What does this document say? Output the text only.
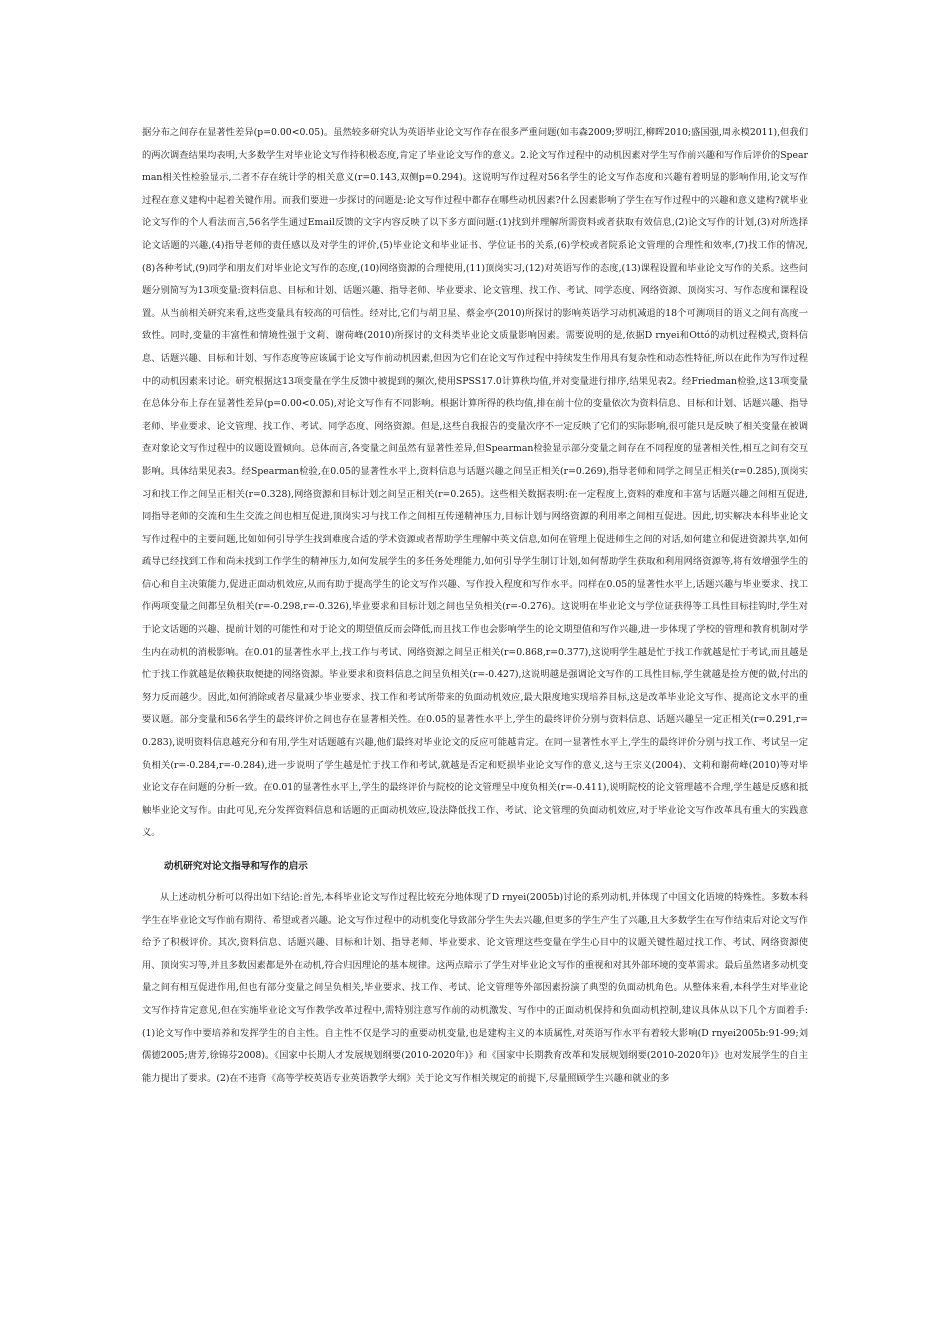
据分布之间存在显著性差异(p=0.00<0.05)。虽然较多研究认为英语毕业论文写作存在很多严重问题(如韦森2009;罗明江,柳晖2010;盛国强,周永模2011),但我们的两次调查结果均表明,大多数学生对毕业论文写作持积极态度,肯定了毕业论文写作的意义。2.论文写作过程中的动机因素对学生写作前兴趣和写作后评价的Spearman相关性检验显示,二者不存在统计学的相关意义(r=0.143,双侧p=0.294)。这说明写作过程对56名学生的论文写作态度和兴趣有着明显的影响作用,论文写作过程在意义建构中起着关键作用。而我们要进一步探讨的问题是:论文写作过程中都存在哪些动机因素?什么因素影响了学生在写作过程中的兴趣和意义建构?就毕业论文写作的个人看法而言,56名学生通过Email反馈的文字内容反映了以下多方面问题:(1)找到并理解所需资料或者获取有效信息,(2)论文写作的计划,(3)对所选择论文话题的兴趣,(4)指导老师的责任感以及对学生的评价,(5)毕业论文和毕业证书、学位证书的关系,(6)学校或者院系论文管理的合理性和效率,(7)找工作的情况,(8)各种考试,(9)同学和朋友们对毕业论文写作的态度,(10)网络资源的合理使用,(11)顶岗实习,(12)对英语写作的态度,(13)课程设置和毕业论文写作的关系。这些问题分别简写为13项变量:资料信息、目标和计划、话题兴趣、指导老师、毕业要求、论文管理、找工作、考试、同学态度、网络资源、顶岗实习、写作态度和课程设置。从当前相关研究来看,这些变量具有较高的可信性。经对比,它们与胡卫星、蔡金亭(2010)所探讨的影响英语学习动机减退的18个可测项目的语义之间有高度一致性。同时,变量的丰富性和情境性强于文莉、谢荷峰(2010)所探讨的文科类毕业论文质量影响因素。需要说明的是,依据D rnyei和Ottó的动机过程模式,资料信息、话题兴趣、目标和计划、写作态度等应该属于论文写作前动机因素,但因为它们在论文写作过程中持续发生作用具有复杂性和动态性特征,所以在此作为写作过程中的动机因素来讨论。研究根据这13项变量在学生反馈中被提到的频次,使用SPSS17.0计算秩均值,并对变量进行排序,结果见表2。经Friedman检验,这13项变量在总体分布上存在显著性差异(p=0.00<0.05),对论文写作有不同影响。根据计算所得的秩均值,排在前十位的变量依次为资料信息、目标和计划、话题兴趣、指导老师、毕业要求、论文管理、找工作、考试、同学态度、网络资源。但是,这些自我报告的变量次序不一定反映了它们的实际影响,很可能只是反映了相关变量在被调查对象论文写作过程中的议题设置倾向。总体而言,各变量之间虽然有显著性差异,但Spearman检验显示部分变量之间存在不同程度的显著相关性,相互之间有交互影响。具体结果见表3。经Spearman检验,在0.05的显著性水平上,资料信息与话题兴趣之间呈正相关(r=0.269),指导老师和同学之间呈正相关(r=0.285),顶岗实习和找工作之间呈正相关(r=0.328),网络资源和目标计划之间呈正相关(r=0.265)。这些相关数据表明:在一定程度上,资料的难度和丰富与话题兴趣之间相互促进,同指导老师的交流和生生交流之间也相互促进,顶岗实习与找工作之间相互传递精神压力,目标计划与网络资源的利用率之间相互促进。因此,切实解决本科毕业论文写作过程中的主要问题,比如如何引导学生找到难度合适的学术资源或者帮助学生理解中英文信息,如何在管理上促进师生之间的对话,如何建立和促进资源共享,如何疏导已经找到工作和尚未找到工作学生的精神压力,如何发展学生的多任务处理能力,如何引导学生制订计划,如何帮助学生获取和利用网络资源等,将有效增强学生的信心和自主决策能力,促进正面动机效应,从而有助于提高学生的论文写作兴趣、写作投入程度和写作水平。同样在0.05的显著性水平上,话题兴趣与毕业要求、找工作两项变量之间都呈负相关(r=-0.298,r=-0.326),毕业要求和目标计划之间也呈负相关(r=-0.276)。这说明在毕业论文与学位证获得等工具性目标挂钩时,学生对于论文话题的兴趣、提前计划的可能性和对于论文的期望值反而会降低,而且找工作也会影响学生的论文期望值和写作兴趣,进一步体现了学校的管理和教育机制对学生内在动机的消极影响。在0.01的显著性水平上,找工作与考试、网络资源之间呈正相关(r=0.868,r=0.377),这说明学生越是忙于找工作就越是忙于考试,而且越是忙于找工作就越是依赖获取便捷的网络资源。毕业要求和资料信息之间呈负相关(r=-0.427),这说明越是强调论文写作的工具性目标,学生就越是捡方便的做,付出的努力反而越少。因此,如何消除或者尽量减少毕业要求、找工作和考试所带来的负面动机效应,最大限度地实现培养目标,这是改革毕业论文写作、提高论文水平的重要议题。部分变量和56名学生的最终评价之间也存在显著相关性。在0.05的显著性水平上,学生的最终评价分别与资料信息、话题兴趣呈一定正相关(r=0.291,r=0.283),说明资料信息越充分和有用,学生对话题越有兴趣,他们最终对毕业论文的反应可能越肯定。在同一显著性水平上,学生的最终评价分别与找工作、考试呈一定负相关(r=-0.284,r=-0.284),进一步说明了学生越是忙于找工作和考试,就越是否定和贬损毕业论文写作的意义,这与王宗义(2004)、文莉和谢荷峰(2010)等对毕业论文存在问题的分析一致。在0.01的显著性水平上,学生的最终评价与院校的论文管理呈中度负相关(r=-0.411),说明院校的论文管理越不合理,学生越是反感和抵触毕业论文写作。由此可见,充分发挥资料信息和话题的正面动机效应,设法降低找工作、考试、论文管理的负面动机效应,对于毕业论文写作改革具有重大的实践意义。

动机研究对论文指导和写作的启示

从上述动机分析可以得出如下结论:首先,本科毕业论文写作过程比较充分地体现了D rnyei(2005b)讨论的系列动机,并体现了中国文化语境的特殊性。多数本科学生在毕业论文写作前有期待、希望或者兴趣。论文写作过程中的动机变化导致部分学生失去兴趣,但更多的学生产生了兴趣,且大多数学生在写作结束后对论文写作给予了积极评价。其次,资料信息、话题兴趣、目标和计划、指导老师、毕业要求、论文管理这些变量在学生心目中的议题关键性超过找工作、考试、网络资源使用、顶岗实习等,并且多数因素都是外在动机,符合归因理论的基本规律。这两点暗示了学生对毕业论文写作的重视和对其外部环境的变革需求。最后虽然诸多动机变量之间有相互促进作用,但也有部分变量之间呈负相关,毕业要求、找工作、考试、论文管理等外部因素扮演了典型的负面动机角色。从整体来看,本科学生对毕业论文写作持肯定意见,但在实施毕业论文写作教学改革过程中,需特别注意写作前的动机激发、写作中的正面动机保持和负面动机控制,建议具体从以下几个方面着手:(1)论文写作中要培养和发挥学生的自主性。自主性不仅是学习的重要动机变量,也是建构主义的本质属性,对英语写作水平有着较大影响(D rnyei2005b:91-99;刘儒德2005;唐芳,徐锦芬2008)。《国家中长期人才发展规划纲要(2010-2020年)》和《国家中长期教育改革和发展规划纲要(2010-2020年)》也对发展学生的自主能力提出了要求。(2)在不违背《高等学校英语专业英语教学大纲》关于论文写作相关规定的前提下,尽量照顾学生兴趣和就业的多
